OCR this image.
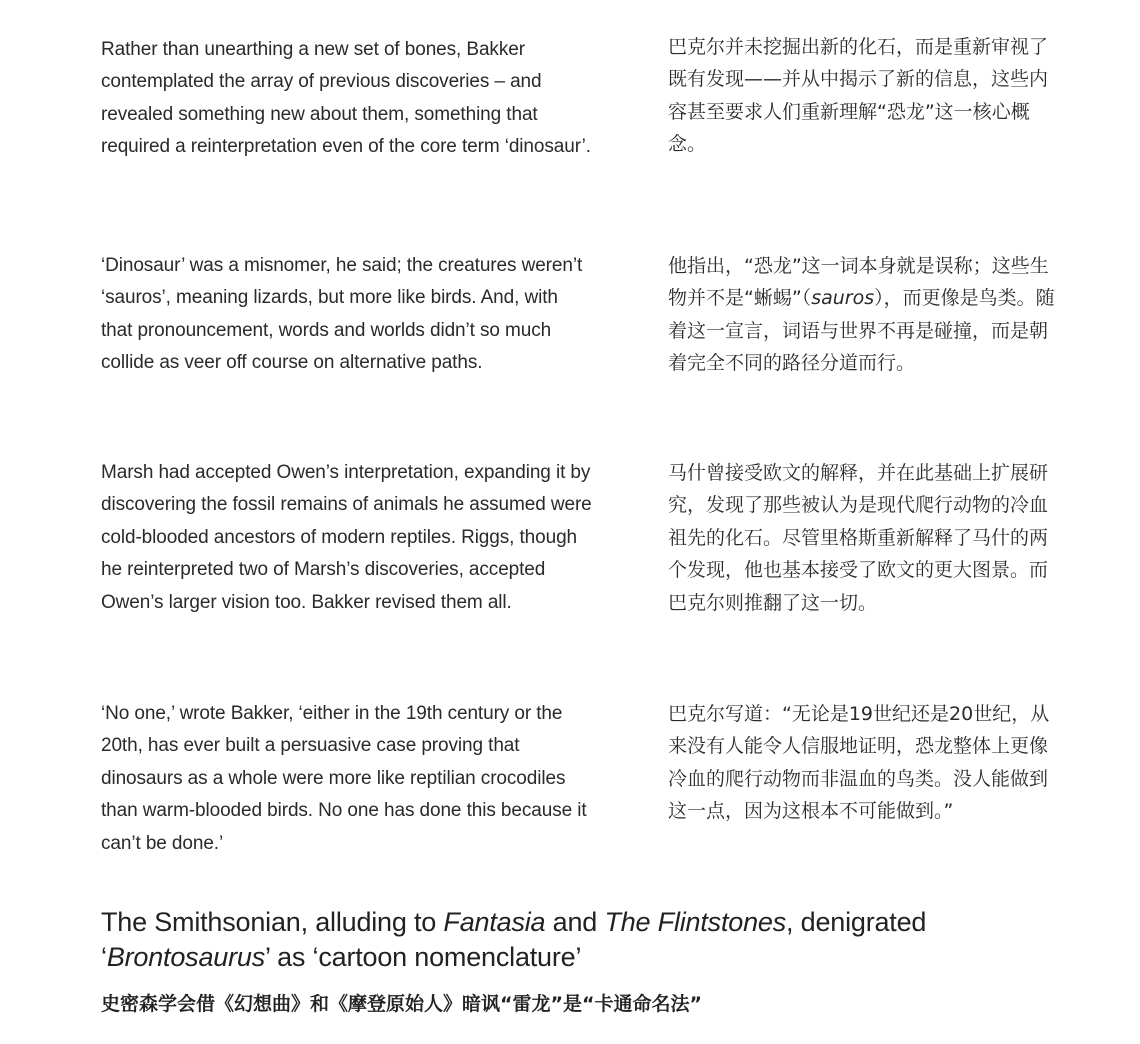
Rather than unearthing a new set of bones, Bakker contemplated the array of previous discoveries – and revealed something new about them, something that required a reinterpretation even of the core term ‘dinosaur’.

巴克尔并未挖掘出新的化石，而是重新审视了既有发现——并从中揭示了新的信息，这些内容甚至要求人们重新理解“恐龙”这一核心概念。

‘Dinosaur’ was a misnomer, he said; the creatures weren’t ‘sauros’, meaning lizards, but more like birds. And, with that pronouncement, words and worlds didn’t so much collide as veer off course on alternative paths.

他指出，“恐龙”这一词本身就是误称；这些生物并不是“蜥蜴”（sauros），而更像是鸟类。随着这一宣言，词语与世界不再是碰撞，而是朝着完全不同的路径分道而行。

Marsh had accepted Owen’s interpretation, expanding it by discovering the fossil remains of animals he assumed were cold-blooded ancestors of modern reptiles. Riggs, though he reinterpreted two of Marsh’s discoveries, accepted Owen’s larger vision too. Bakker revised them all.

马什曾接受欧文的解释，并在此基础上扩展研究，发现了那些被认为是现代爬行动物的冷血祖先的化石。尽管里格斯重新解释了马什的两个发现，他也基本接受了欧文的更大图景。而巴克尔则推翻了这一切。

‘No one,’ wrote Bakker, ‘either in the 19th century or the 20th, has ever built a persuasive case proving that dinosaurs as a whole were more like reptilian crocodiles than warm-blooded birds. No one has done this because it can’t be done.’

巴克尔写道：“无论是19世纪还是20世纪，从来没有人能令人信服地证明，恐龙整体上更像冷血的爬行动物而非温血的鸟类。没人能做到这一点，因为这根本不可能做到。”

The Smithsonian, alluding to Fantasia and The Flintstones, denigrated ‘Brontosaurus’ as ‘cartoon nomenclature’

史密森学会借《幻想曲》和《摩登原始人》暗讽“雷龙”是“卡通命名法”
